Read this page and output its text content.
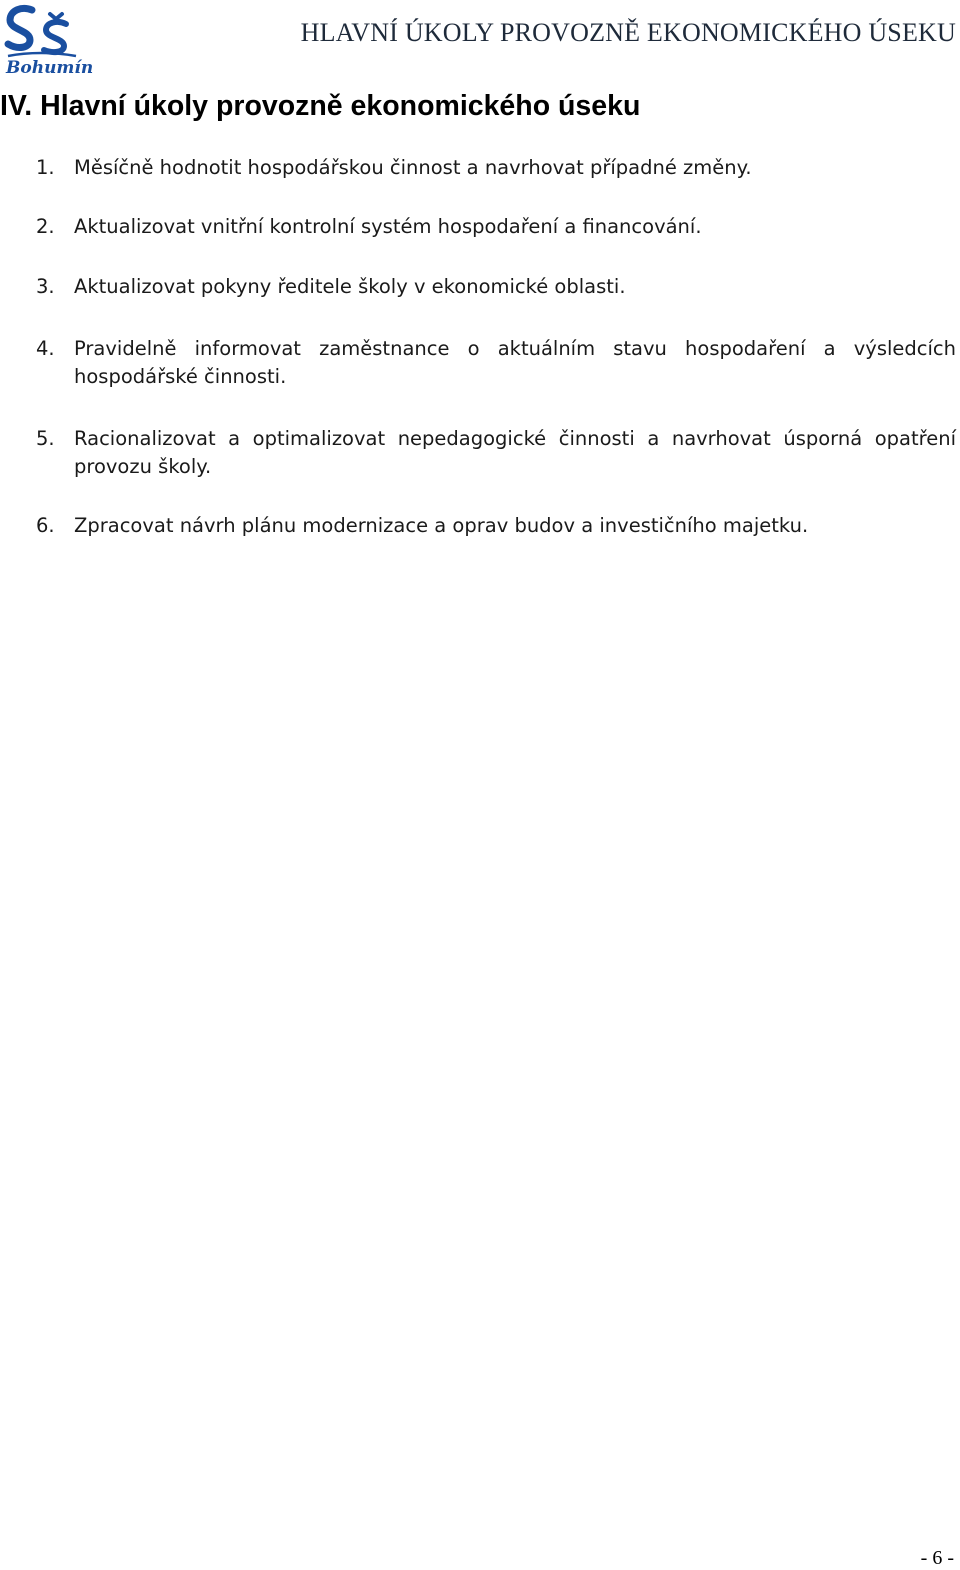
Bohumín
HLAVNÍ ÚKOLY PROVOZNĚ EKONOMICKÉHO ÚSEKU
IV. Hlavní úkoly provozně ekonomického úseku
1. Měsíčně hodnotit hospodářskou činnost a navrhovat případné změny.
2. Aktualizovat vnitřní kontrolní systém hospodaření a financování.
3. Aktualizovat pokyny ředitele školy v ekonomické oblasti.
4. Pravidelně informovat zaměstnance o aktuálním stavu hospodaření a výsledcích hospodářské činnosti.
5. Racionalizovat a optimalizovat nepedagogické činnosti a navrhovat úsporná opatření provozu školy.
6. Zpracovat návrh plánu modernizace a oprav budov a investičního majetku.
- 6 -
